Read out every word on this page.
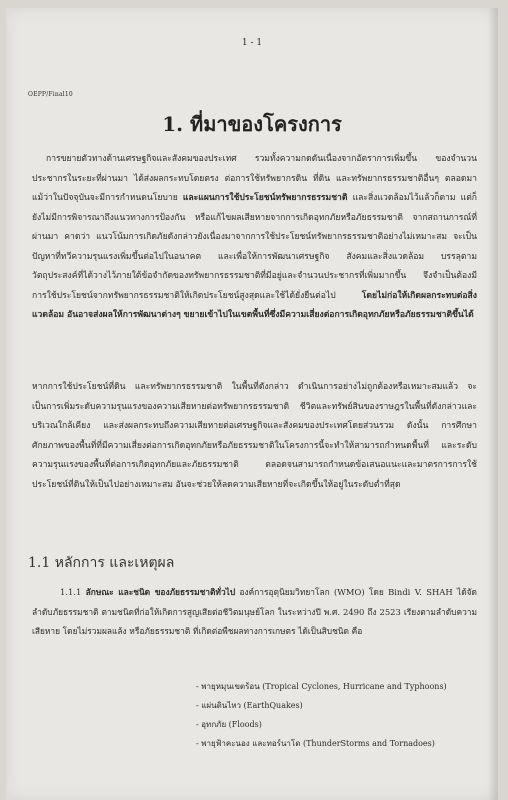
1 - 1
OEPP/Final10
1. ที่มาของโครงการ

การขยายตัวทางด้านเศรษฐกิจและสังคมของประเทศ รวมทั้งความกดดันเนื่องจากอัตราการเพิ่มขึ้น ของจำนวนประชากรในระยะที่ผ่านมา ได้ส่งผลกระทบโดยตรง ต่อการใช้ทรัพยากรดิน ที่ดิน และทรัพยากรธรรมชาติอื่นๆ ตลอดมา แม้ว่าในปัจจุบันจะมีการกำหนดนโยบาย และแผนการใช้ประโยชน์ทรัพยากรธรรมชาติ และสิ่งแวดล้อมไว้แล้วก็ตาม แต่ก็ยังไม่มีการพิจารณาถึงแนวทางการป้องกัน หรือแก้ไขผลเสียหายจากการเกิดอุทกภัยหรือภัยธรรมชาติ จากสถานการณ์ที่ผ่านมา คาดว่า แนวโน้มการเกิดภัยดังกล่าวยังเนื่องมาจากการใช้ประโยชน์ทรัพยากรธรรมชาติอย่างไม่เหมาะสม จะเป็นปัญหาที่ทวีความรุนแรงเพิ่มขึ้นต่อไปในอนาคต และเพื่อให้การพัฒนาเศรษฐกิจ สังคมและสิ่งแวดล้อม บรรลุตามวัตถุประสงค์ที่ได้วางไว้ภายใต้ข้อจำกัดของทรัพยากรธรรมชาติที่มีอยู่และจำนวนประชากรที่เพิ่มมากขึ้น จึงจำเป็นต้องมีการใช้ประโยชน์จากทรัพยากรธรรมชาติให้เกิดประโยชน์สูงสุดและใช้ได้ยั่งยืนต่อไป โดยไม่ก่อให้เกิดผลกระทบต่อสิ่งแวดล้อม อันอาจส่งผลให้การพัฒนาต่างๆ ขยายเข้าไปในเขตพื้นที่ซึ่งมีความเสี่ยงต่อการเกิดอุทกภัยหรือภัยธรรมชาติขึ้นได้

หากการใช้ประโยชน์ที่ดิน และทรัพยากรธรรมชาติ ในพื้นที่ดังกล่าว ดำเนินการอย่างไม่ถูกต้องหรือเหมาะสมแล้ว จะเป็นการเพิ่มระดับความรุนแรงของความเสียหายต่อทรัพยากรธรรมชาติ ชีวิตและทรัพย์สินของราษฎรในพื้นที่ดังกล่าวและบริเวณใกล้เคียง และส่งผลกระทบถึงความเสียหายต่อเศรษฐกิจและสังคมของประเทศโดยส่วนรวม ดังนั้น การศึกษาศักยภาพของพื้นที่ที่มีความเสี่ยงต่อการเกิดอุทกภัยหรือภัยธรรมชาติในโครงการนี้จะทำให้สามารถกำหนดพื้นที่ และระดับความรุนแรงของพื้นที่ต่อการเกิดอุทกภัยและภัยธรรมชาติ ตลอดจนสามารถกำหนดข้อเสนอแนะและมาตรการการใช้ประโยชน์ที่ดินให้เป็นไปอย่างเหมาะสม อันจะช่วยให้ลดความเสียหายที่จะเกิดขึ้นให้อยู่ในระดับต่ำที่สุด

1.1 หลักการ และเหตุผล

1.1.1 ลักษณะ และชนิด ของภัยธรรมชาติทั่วไป องค์การอุตุนิยมวิทยาโลก (WMO) โดย Bindi V. SHAH ได้จัดลำดับภัยธรรมชาติ ตามชนิดที่ก่อให้เกิดการสูญเสียต่อชีวิตมนุษย์โลก ในระหว่างปี พ.ศ. 2490 ถึง 2523 เรียงตามลำดับความเสียหาย โดยไม่รวมผลแล้ง หรือภัยธรรมชาติ ที่เกิดต่อพืชผลทางการเกษตร ได้เป็นสิบชนิด คือ

- พายุหมุนเขตร้อน (Tropical Cyclones, Hurricane and Typhoons)
- แผ่นดินไหว (EarthQuakes)
- อุทกภัย (Floods)
- พายุฟ้าคะนอง และทอร์นาโด (ThunderStorms and Tornadoes)
